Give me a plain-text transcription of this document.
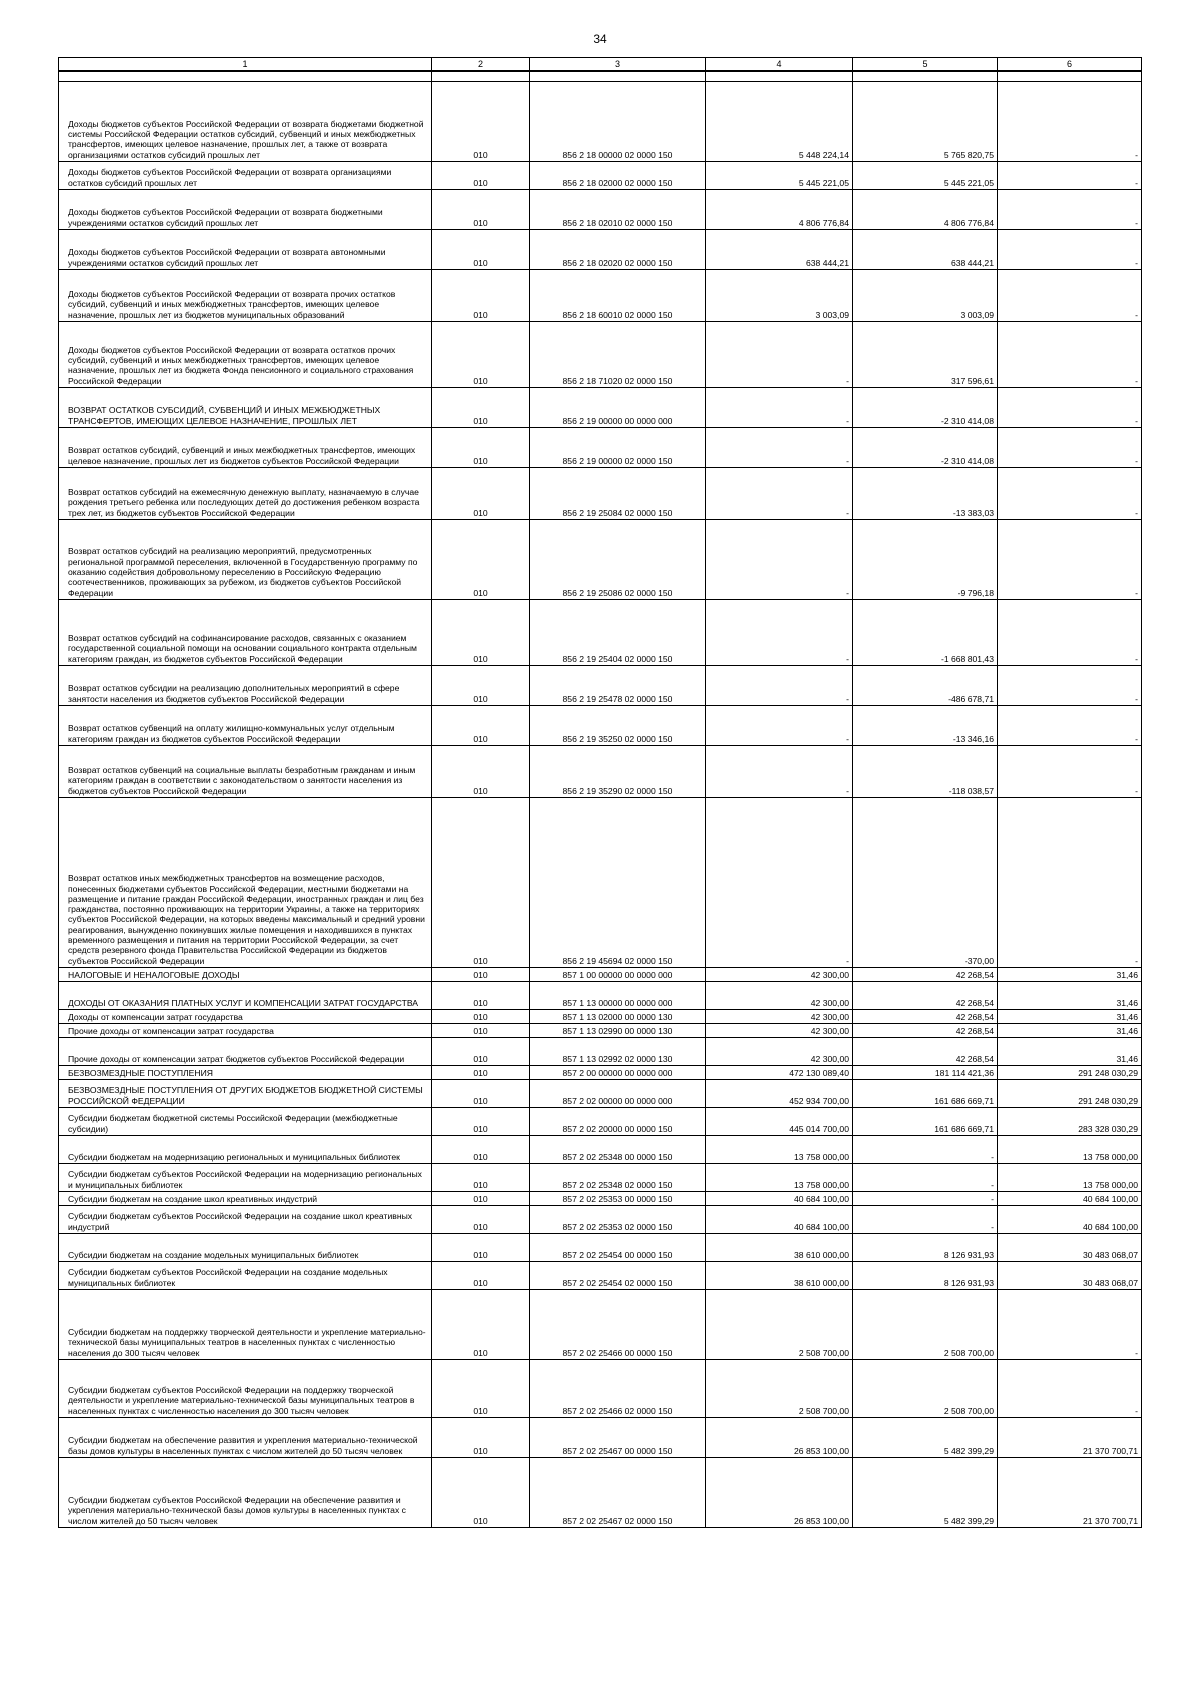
34
1	2	3	4	5	6

Доходы бюджетов субъектов Российской Федерации от возврата бюджетами бюджетной системы Российской Федерации остатков субсидий, субвенций и иных межбюджетных трансфертов, имеющих целевое назначение, прошлых лет, а также от возврата организациями остатков субсидий прошлых лет	010	856 2 18 00000 02 0000 150	5 448 224,14	5 765 820,75	-

Доходы бюджетов субъектов Российской Федерации от возврата организациями остатков субсидий прошлых лет	010	856 2 18 02000 02 0000 150	5 445 221,05	5 445 221,05	-

Доходы бюджетов субъектов Российской Федерации от возврата бюджетными учреждениями остатков субсидий прошлых лет	010	856 2 18 02010 02 0000 150	4 806 776,84	4 806 776,84	-

Доходы бюджетов субъектов Российской Федерации от возврата автономными учреждениями остатков субсидий прошлых лет	010	856 2 18 02020 02 0000 150	638 444,21	638 444,21	-

Доходы бюджетов субъектов Российской Федерации от возврата прочих остатков субсидий, субвенций и иных межбюджетных трансфертов, имеющих целевое назначение, прошлых лет из бюджетов муниципальных образований	010	856 2 18 60010 02 0000 150	3 003,09	3 003,09	-

Доходы бюджетов субъектов Российской Федерации от возврата остатков прочих субсидий, субвенций и иных межбюджетных трансфертов, имеющих целевое назначение, прошлых лет из бюджета Фонда пенсионного и социального страхования Российской Федерации	010	856 2 18 71020 02 0000 150	-	317 596,61	-

ВОЗВРАТ ОСТАТКОВ СУБСИДИЙ, СУБВЕНЦИЙ И ИНЫХ МЕЖБЮДЖЕТНЫХ ТРАНСФЕРТОВ, ИМЕЮЩИХ ЦЕЛЕВОЕ НАЗНАЧЕНИЕ, ПРОШЛЫХ ЛЕТ	010	856 2 19 00000 00 0000 000	-	-2 310 414,08	-

Возврат остатков субсидий, субвенций и иных межбюджетных трансфертов, имеющих целевое назначение, прошлых лет из бюджетов субъектов Российской Федерации	010	856 2 19 00000 02 0000 150	-	-2 310 414,08	-

Возврат остатков субсидий на ежемесячную денежную выплату, назначаемую в случае рождения третьего ребенка или последующих детей до достижения ребенком возраста трех лет, из бюджетов субъектов Российской Федерации	010	856 2 19 25084 02 0000 150	-	-13 383,03	-

Возврат остатков субсидий на реализацию мероприятий, предусмотренных региональной программой переселения, включенной в Государственную программу по оказанию содействия добровольному переселению в Российскую Федерацию соотечественников, проживающих за рубежом, из бюджетов субъектов Российской Федерации	010	856 2 19 25086 02 0000 150	-	-9 796,18	-

Возврат остатков субсидий на софинансирование расходов, связанных с оказанием государственной социальной помощи на основании социального контракта отдельным категориям граждан, из бюджетов субъектов Российской Федерации	010	856 2 19 25404 02 0000 150	-	-1 668 801,43	-

Возврат остатков субсидии на реализацию дополнительных мероприятий в сфере занятости населения из бюджетов субъектов Российской Федерации	010	856 2 19 25478 02 0000 150	-	-486 678,71	-

Возврат остатков субвенций на оплату жилищно-коммунальных услуг отдельным категориям граждан из бюджетов субъектов Российской Федерации	010	856 2 19 35250 02 0000 150	-	-13 346,16	-

Возврат остатков субвенций на социальные выплаты безработным гражданам и иным категориям граждан в соответствии с законодательством о занятости населения из бюджетов субъектов Российской Федерации	010	856 2 19 35290 02 0000 150	-	-118 038,57	-

Возврат остатков иных межбюджетных трансфертов на возмещение расходов, понесенных бюджетами субъектов Российской Федерации, местными бюджетами на размещение и питание граждан Российской Федерации, иностранных граждан и лиц без гражданства, постоянно проживающих на территории Украины, а также на территориях субъектов Российской Федерации, на которых введены максимальный и средний уровни реагирования, вынужденно покинувших жилые помещения и находившихся в пунктах временного размещения и питания на территории Российской Федерации, за счет средств резервного фонда Правительства Российской Федерации из бюджетов субъектов Российской Федерации	010	856 2 19 45694 02 0000 150	-	-370,00	-

НАЛОГОВЫЕ И НЕНАЛОГОВЫЕ ДОХОДЫ	010	857 1 00 00000 00 0000 000	42 300,00	42 268,54	31,46

ДОХОДЫ ОТ ОКАЗАНИЯ ПЛАТНЫХ УСЛУГ И КОМПЕНСАЦИИ ЗАТРАТ ГОСУДАРСТВА	010	857 1 13 00000 00 0000 000	42 300,00	42 268,54	31,46

Доходы от компенсации затрат государства	010	857 1 13 02000 00 0000 130	42 300,00	42 268,54	31,46

Прочие доходы от компенсации затрат государства	010	857 1 13 02990 00 0000 130	42 300,00	42 268,54	31,46

Прочие доходы от компенсации затрат бюджетов субъектов Российской Федерации	010	857 1 13 02992 02 0000 130	42 300,00	42 268,54	31,46

БЕЗВОЗМЕЗДНЫЕ ПОСТУПЛЕНИЯ	010	857 2 00 00000 00 0000 000	472 130 089,40	181 114 421,36	291 248 030,29

БЕЗВОЗМЕЗДНЫЕ ПОСТУПЛЕНИЯ ОТ ДРУГИХ БЮДЖЕТОВ БЮДЖЕТНОЙ СИСТЕМЫ РОССИЙСКОЙ ФЕДЕРАЦИИ	010	857 2 02 00000 00 0000 000	452 934 700,00	161 686 669,71	291 248 030,29

Субсидии бюджетам бюджетной системы Российской Федерации (межбюджетные субсидии)	010	857 2 02 20000 00 0000 150	445 014 700,00	161 686 669,71	283 328 030,29

Субсидии бюджетам на модернизацию региональных и муниципальных библиотек	010	857 2 02 25348 00 0000 150	13 758 000,00	-	13 758 000,00

Субсидии бюджетам субъектов Российской Федерации на модернизацию региональных и муниципальных библиотек	010	857 2 02 25348 02 0000 150	13 758 000,00	-	13 758 000,00

Субсидии бюджетам на создание школ креативных индустрий	010	857 2 02 25353 00 0000 150	40 684 100,00	-	40 684 100,00

Субсидии бюджетам субъектов Российской Федерации на создание школ креативных индустрий	010	857 2 02 25353 02 0000 150	40 684 100,00	-	40 684 100,00

Субсидии бюджетам на создание модельных муниципальных библиотек	010	857 2 02 25454 00 0000 150	38 610 000,00	8 126 931,93	30 483 068,07

Субсидии бюджетам субъектов Российской Федерации на создание модельных муниципальных библиотек	010	857 2 02 25454 02 0000 150	38 610 000,00	8 126 931,93	30 483 068,07

Субсидии бюджетам на поддержку творческой деятельности и укрепление материально-технической базы муниципальных театров в населенных пунктах с численностью населения до 300 тысяч человек	010	857 2 02 25466 00 0000 150	2 508 700,00	2 508 700,00	-

Субсидии бюджетам субъектов Российской Федерации на поддержку творческой деятельности и укрепление материально-технической базы муниципальных театров в населенных пунктах с численностью населения до 300 тысяч человек	010	857 2 02 25466 02 0000 150	2 508 700,00	2 508 700,00	-

Субсидии бюджетам на обеспечение развития и укрепления материально-технической базы домов культуры в населенных пунктах с числом жителей до 50 тысяч человек	010	857 2 02 25467 00 0000 150	26 853 100,00	5 482 399,29	21 370 700,71

Субсидии бюджетам субъектов Российской Федерации на обеспечение развития и укрепления материально-технической базы домов культуры в населенных пунктах с числом жителей до 50 тысяч человек	010	857 2 02 25467 02 0000 150	26 853 100,00	5 482 399,29	21 370 700,71
